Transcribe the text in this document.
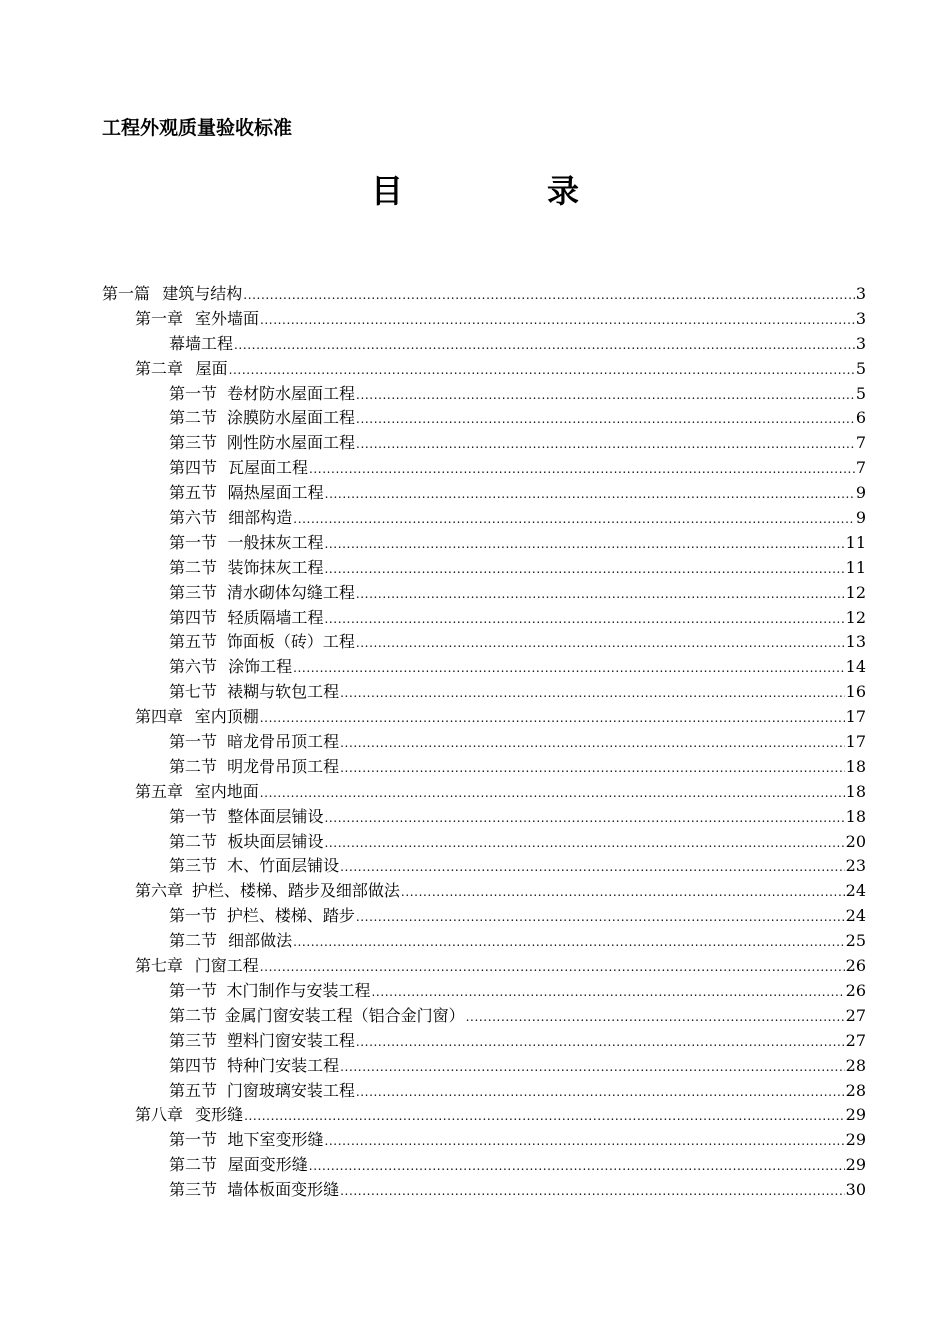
工程外观质量验收标准
目　录
第一篇 建筑与结构 .....	3
第一章 室外墙面 .....	3
幕墙工程 .....	3
第二章 屋面 .....	5
第一节 卷材防水屋面工程 .....	5
第二节 涂膜防水屋面工程 .....	6
第三节 刚性防水屋面工程 .....	7
第四节 瓦屋面工程 .....	7
第五节 隔热屋面工程 .....	9
第六节 细部构造 .....	9
第一节 一般抹灰工程 .....	11
第二节 装饰抹灰工程 .....	11
第三节 清水砌体勾缝工程 .....	12
第四节 轻质隔墙工程 .....	12
第五节 饰面板（砖）工程 .....	13
第六节 涂饰工程 .....	14
第七节 裱糊与软包工程 .....	16
第四章 室内顶棚 .....	17
第一节 暗龙骨吊顶工程 .....	17
第二节 明龙骨吊顶工程 .....	18
第五章 室内地面 .....	18
第一节 整体面层铺设 .....	18
第二节 板块面层铺设 .....	20
第三节 木、竹面层铺设 .....	23
第六章 护栏、楼梯、踏步及细部做法 .....	24
第一节 护栏、楼梯、踏步 .....	24
第二节 细部做法 .....	25
第七章 门窗工程 .....	26
第一节 木门制作与安装工程 .....	26
第二节 金属门窗安装工程（铝合金门窗） .....	27
第三节 塑料门窗安装工程 .....	27
第四节 特种门安装工程 .....	28
第五节 门窗玻璃安装工程 .....	28
第八章 变形缝 .....	29
第一节 地下室变形缝 .....	29
第二节 屋面变形缝 .....	29
第三节 墙体板面变形缝 .....	30
